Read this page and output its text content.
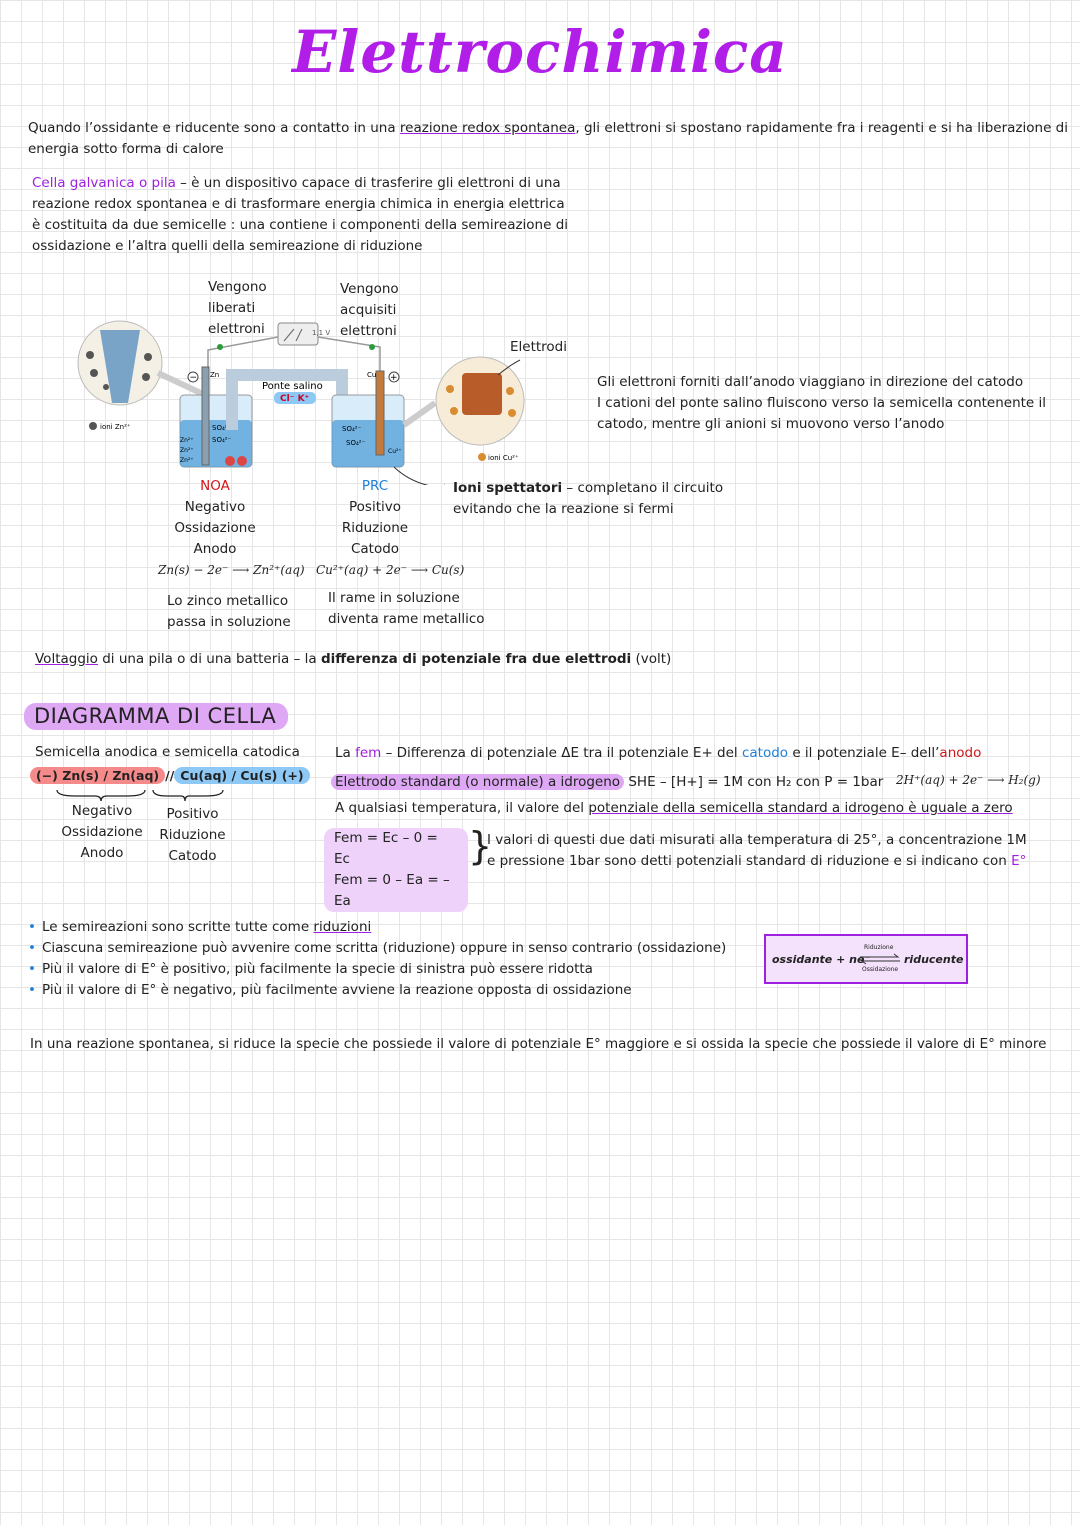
Elettrochimica
Quando l’ossidante e riducente sono a contatto in una reazione redox spontanea, gli elettroni si spostano rapidamente fra i reagenti e si ha liberazione di
energia sotto forma di calore
Cella galvanica o pila – è un dispositivo capace di trasferire gli elettroni di una
reazione redox spontanea e di trasformare energia chimica in energia elettrica
è costituita da due semicelle : una contiene i componenti della semireazione di
ossidazione e l’altra quelli della semireazione di riduzione
Vengono
liberati
elettroni
Vengono
acquisiti
elettroni
1,1 V
ioni Zn²⁺
− Zn
SO₄²⁻
SO₄²⁻
Zn²⁺
Zn²⁺
Zn²⁺
Ponte salino
Cl⁻ K⁺
+
Cu
SO₄²⁻
SO₄²⁻
Cu²⁺
ioni Cu²⁺
Elettrodi
Gli elettroni forniti dall’anodo viaggiano in direzione del catodo
I cationi del ponte salino fluiscono verso la semicella contenente il
catodo, mentre gli anioni si muovono verso l’anodo
Ioni spettatori – completano il circuito
evitando che la reazione si fermi
NOA
Negativo
Ossidazione
Anodo
Zn(s) − 2e⁻ ⟶ Zn²⁺(aq)
Lo zinco metallico
passa in soluzione
PRC
Positivo
Riduzione
Catodo
Cu²⁺(aq) + 2e⁻ ⟶ Cu(s)
Il rame in soluzione
diventa rame metallico
Voltaggio di una pila o di una batteria – la differenza di potenziale fra due elettrodi (volt)
DIAGRAMMA DI CELLA
Semicella anodica e semicella catodica
(−) Zn(s) / Zn(aq) // Cu(aq) / Cu(s) (+)
Negativo
Ossidazione
Anodo
Positivo
Riduzione
Catodo
La fem – Differenza di potenziale ΔE tra il potenziale E+ del catodo e il potenziale E– dell’anodo
Elettrodo standard (o normale) a idrogeno SHE – [H+] = 1M con H₂ con P = 1bar 2H⁺(aq) + 2e⁻ ⟶ H₂(g)
A qualsiasi temperatura, il valore del potenziale della semicella standard a idrogeno è uguale a zero
Fem = Ec – 0 = Ec
Fem = 0 – Ea = –Ea
}
I valori di questi due dati misurati alla temperatura di 25°, a concentrazione 1M
e pressione 1bar sono detti potenziali standard di riduzione e si indicano con E°
• Le semireazioni sono scritte tutte come riduzioni
• Ciascuna semireazione può avvenire come scritta (riduzione) oppure in senso contrario (ossidazione)
• Più il valore di E° è positivo, più facilmente la specie di sinistra può essere ridotta
• Più il valore di E° è negativo, più facilmente avviene la reazione opposta di ossidazione
ossidante + ne⁻
Riduzione
Ossidazione
riducente
In una reazione spontanea, si riduce la specie che possiede il valore di potenziale E° maggiore e si ossida la specie che possiede il valore di E° minore
